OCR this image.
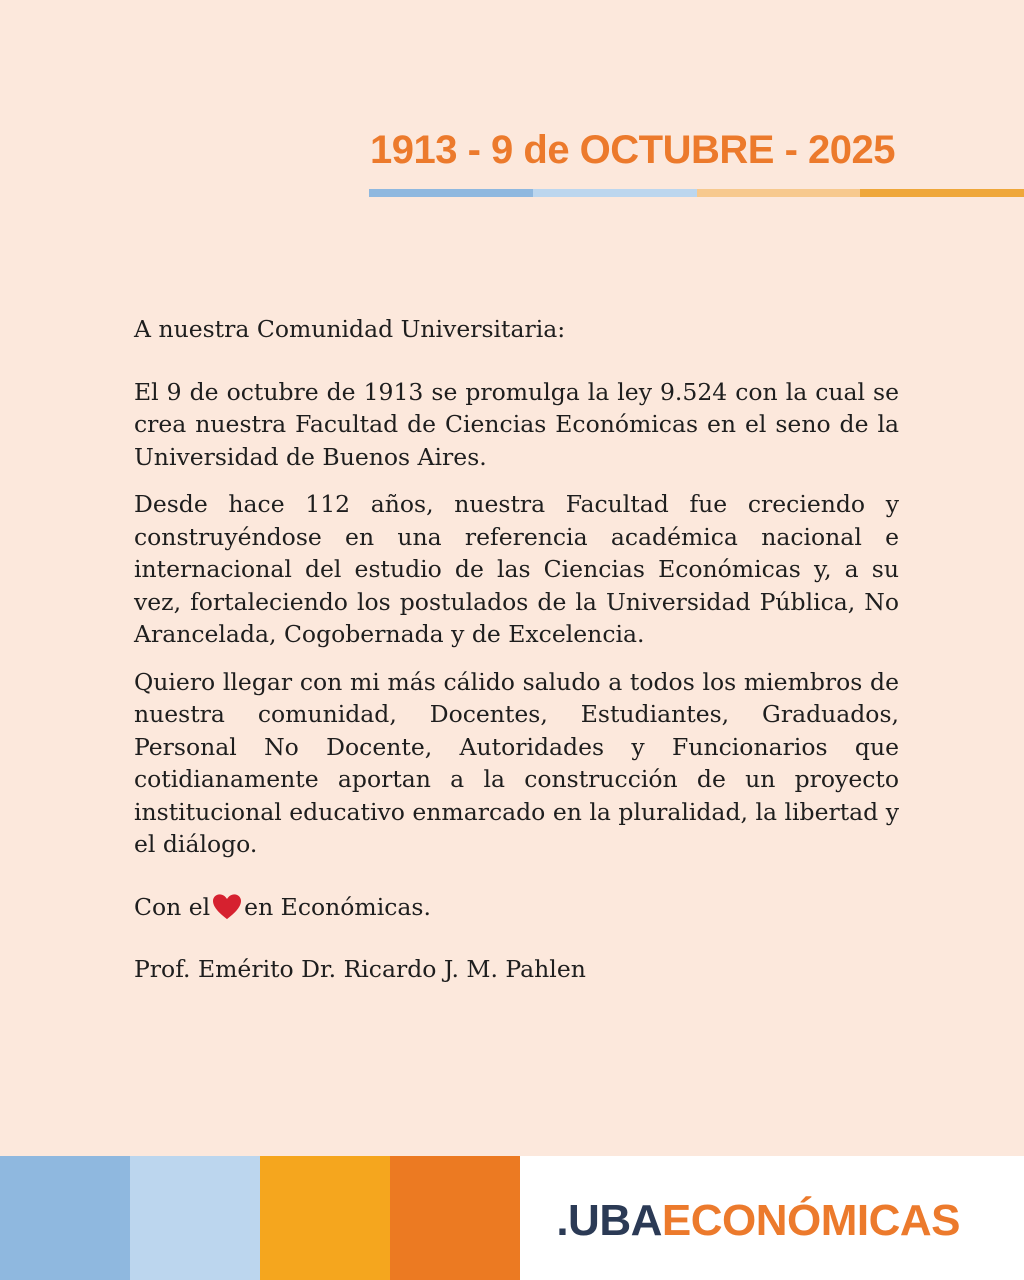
1913 - 9 de OCTUBRE - 2025

A nuestra Comunidad Universitaria:

El 9 de octubre de 1913 se promulga la ley 9.524 con la cual se crea nuestra Facultad de Ciencias Económicas en el seno de la Universidad de Buenos Aires.

Desde hace 112 años, nuestra Facultad fue creciendo y construyéndose en una referencia académica nacional e internacional del estudio de las Ciencias Económicas y, a su vez, fortaleciendo los postulados de la Universidad Pública, No Arancelada, Cogobernada y de Excelencia.

Quiero llegar con mi más cálido saludo a todos los miembros de nuestra comunidad, Docentes, Estudiantes, Graduados, Personal No Docente, Autoridades y Funcionarios que cotidianamente aportan a la construcción de un proyecto institucional educativo enmarcado en la pluralidad, la libertad y el diálogo.

Con el en Económicas.

Prof. Emérito Dr. Ricardo J. M. Pahlen

.UBAECONÓMICAS
